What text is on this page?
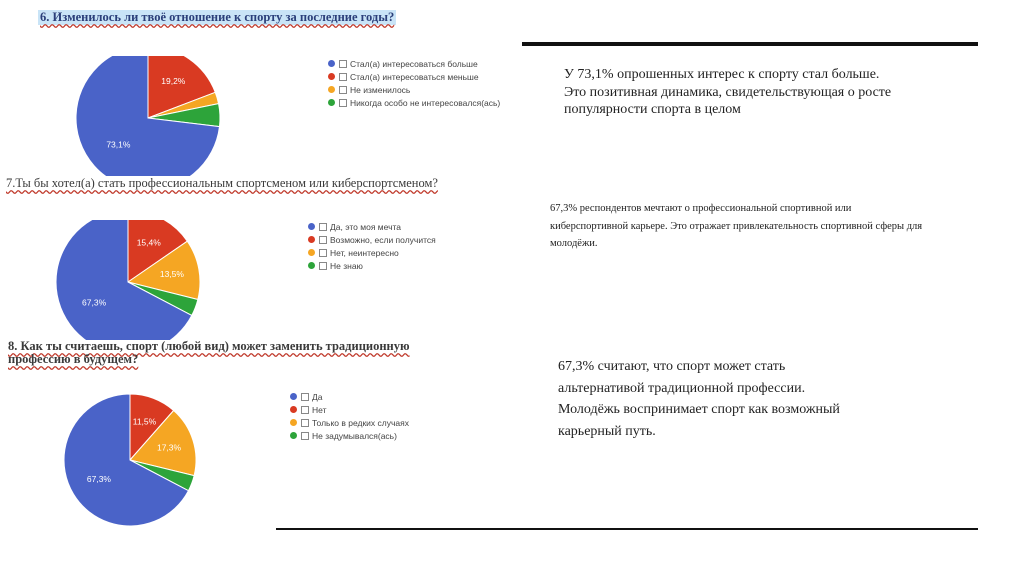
6. Изменилось ли твоё отношение к спорту за последние годы?
7.Ты бы хотел(а) стать профессиональным спортсменом или киберспортсменом?
8. Как ты считаешь, спорт (любой вид) может заменить традиционную профессию в будущем?
19,2%
73,1%
15,4%
13,5%
67,3%
11,5%
17,3%
67,3%
Стал(а) интересоваться больше
Стал(а) интересоваться меньше
Не изменилось
Никогда особо не интересовался(ась)
Да, это моя мечта
Возможно, если получится
Нет, неинтересно
Не знаю
Да
Нет
Только в редких случаях
Не задумывался(ась)
У 73,1% опрошенных интерес к спорту стал больше. Это позитивная динамика, свидетельствующая о росте популярности спорта в целом
67,3% респондентов мечтают о профессиональной спортивной или киберспортивной карьере. Это отражает привлекательность спортивной сферы для молодёжи.
67,3% считают, что спорт может стать альтернативой традиционной профессии. Молодёжь воспринимает спорт как возможный карьерный путь.
